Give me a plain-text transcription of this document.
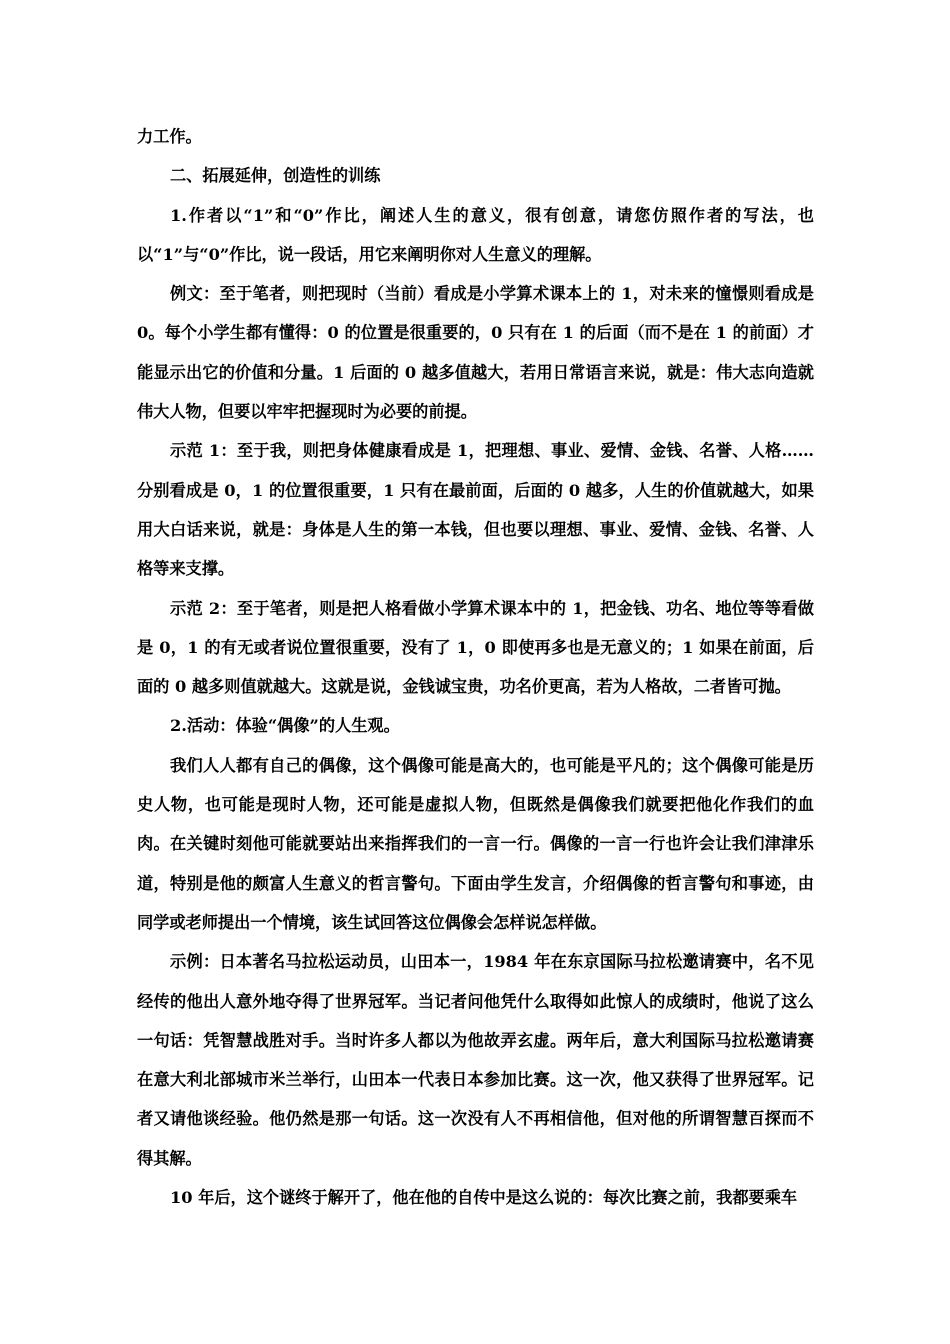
力工作。

二、拓展延伸，创造性的训练

1.作者以“1”和“0”作比，阐述人生的意义，很有创意，请您仿照作者的写法，也以“1”与“0”作比，说一段话，用它来阐明你对人生意义的理解。

例文：至于笔者，则把现时（当前）看成是小学算术课本上的 1，对未来的憧憬则看成是 0。每个小学生都有懂得：0 的位置是很重要的，0 只有在 1 的后面（而不是在 1 的前面）才能显示出它的价值和分量。1 后面的 0 越多值越大，若用日常语言来说，就是：伟大志向造就伟大人物，但要以牢牢把握现时为必要的前提。

示范 1：至于我，则把身体健康看成是 1，把理想、事业、爱情、金钱、名誉、人格……分别看成是 0，1 的位置很重要，1 只有在最前面，后面的 0 越多，人生的价值就越大，如果用大白话来说，就是：身体是人生的第一本钱，但也要以理想、事业、爱情、金钱、名誉、人格等来支撑。

示范 2：至于笔者，则是把人格看做小学算术课本中的 1，把金钱、功名、地位等等看做是 0，1 的有无或者说位置很重要，没有了 1，0 即使再多也是无意义的；1 如果在前面，后面的 0 越多则值就越大。这就是说，金钱诚宝贵，功名价更高，若为人格故，二者皆可抛。

2.活动：体验“偶像”的人生观。

我们人人都有自己的偶像，这个偶像可能是高大的，也可能是平凡的；这个偶像可能是历史人物，也可能是现时人物，还可能是虚拟人物，但既然是偶像我们就要把他化作我们的血肉。在关键时刻他可能就要站出来指挥我们的一言一行。偶像的一言一行也许会让我们津津乐道，特别是他的颇富人生意义的哲言警句。下面由学生发言，介绍偶像的哲言警句和事迹，由同学或老师提出一个情境，该生试回答这位偶像会怎样说怎样做。

示例：日本著名马拉松运动员，山田本一，1984 年在东京国际马拉松邀请赛中，名不见经传的他出人意外地夺得了世界冠军。当记者问他凭什么取得如此惊人的成绩时，他说了这么一句话：凭智慧战胜对手。当时许多人都以为他故弄玄虚。两年后，意大利国际马拉松邀请赛在意大利北部城市米兰举行，山田本一代表日本参加比赛。这一次，他又获得了世界冠军。记者又请他谈经验。他仍然是那一句话。这一次没有人不再相信他，但对他的所谓智慧百探而不得其解。

10 年后，这个谜终于解开了，他在他的自传中是这么说的：每次比赛之前，我都要乘车
